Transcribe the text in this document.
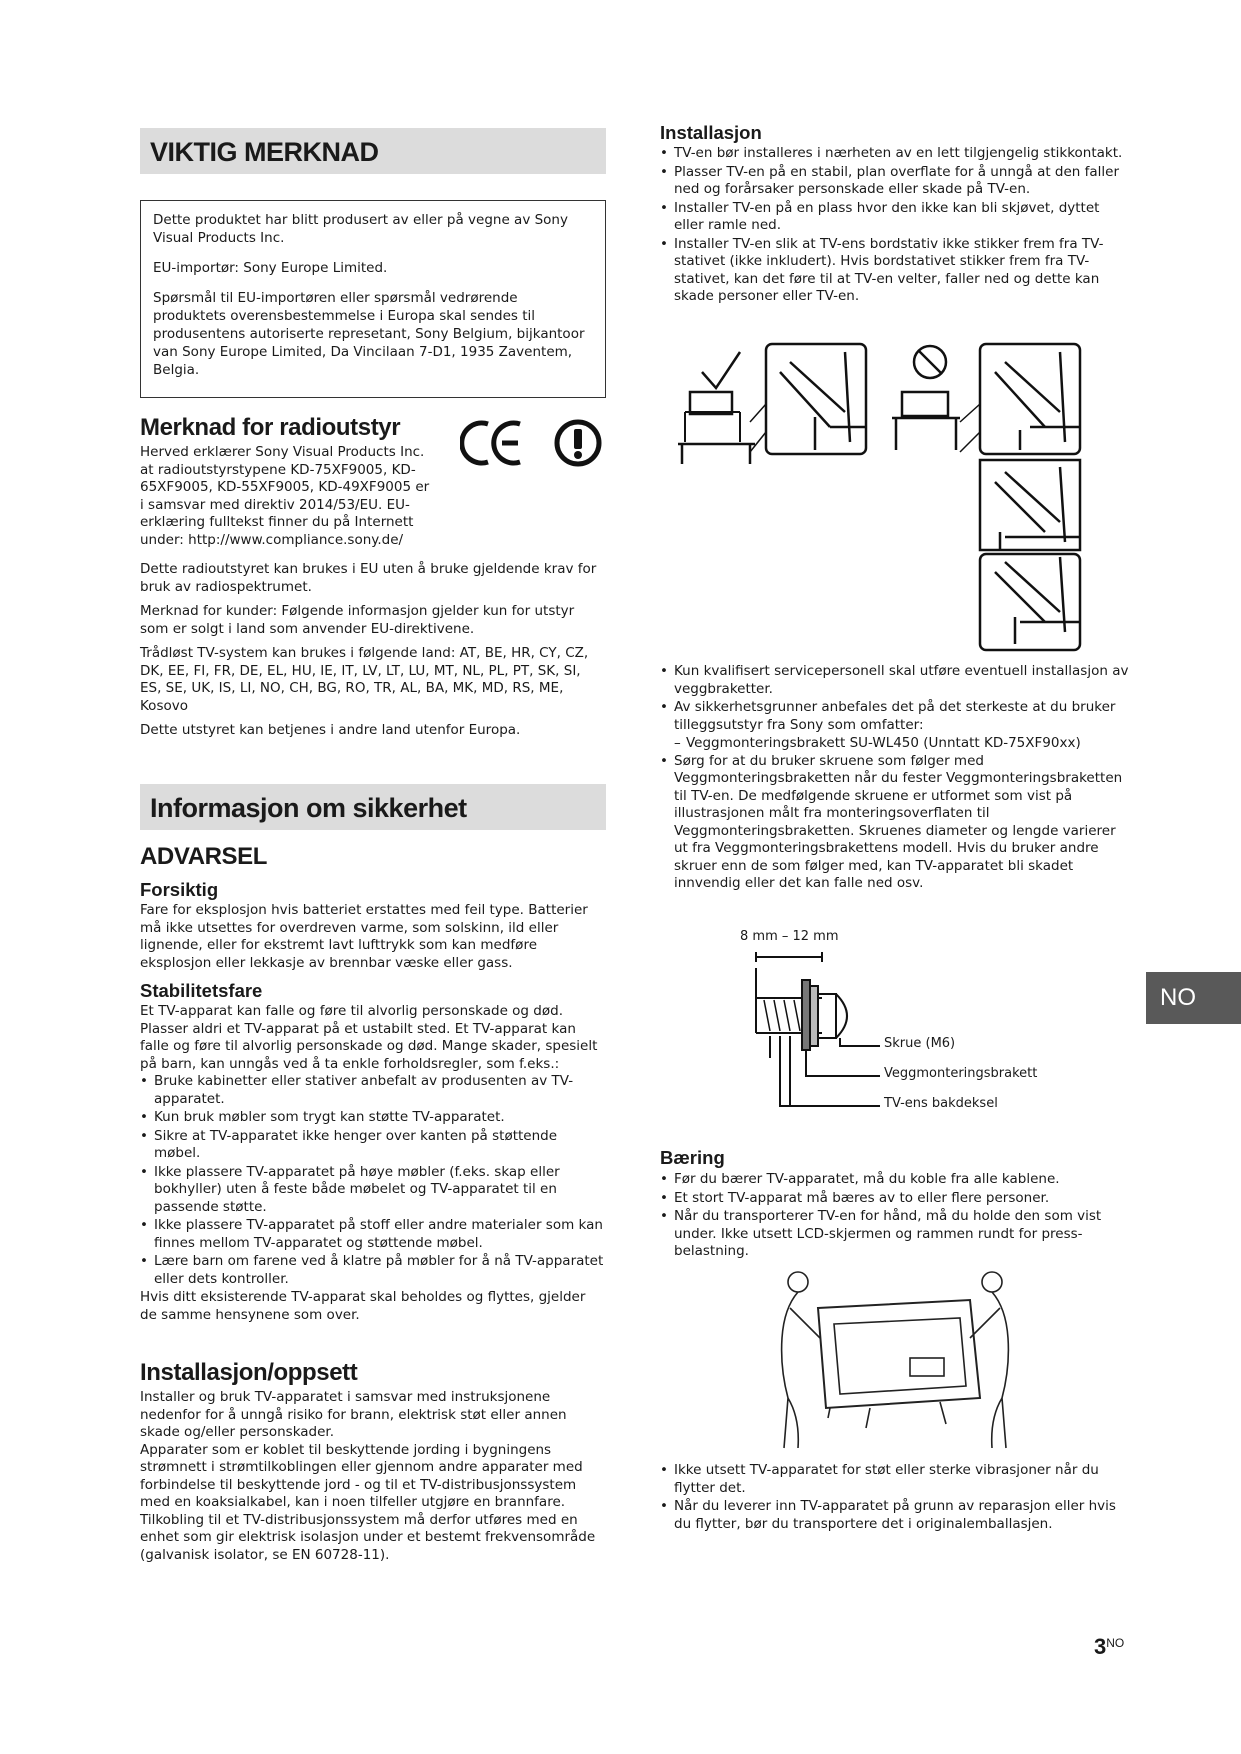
VIKTIG MERKNAD

Dette produktet har blitt produsert av eller på vegne av Sony Visual Products Inc.

EU-importør: Sony Europe Limited.

Spørsmål til EU-importøren eller spørsmål vedrørende produktets overensbestemmelse i Europa skal sendes til produsentens autoriserte represetant, Sony Belgium, bijkantoor van Sony Europe Limited, Da Vincilaan 7-D1, 1935 Zaventem, Belgia.

Merknad for radioutstyr

Herved erklærer Sony Visual Products Inc. at radioutstyrstypene KD-75XF9005, KD-65XF9005, KD-55XF9005, KD-49XF9005 er i samsvar med direktiv 2014/53/EU. EU-erklæring fulltekst finner du på Internett under: http://www.compliance.sony.de/

Dette radioutstyret kan brukes i EU uten å bruke gjeldende krav for bruk av radiospektrumet.

Merknad for kunder: Følgende informasjon gjelder kun for utstyr som er solgt i land som anvender EU-direktivene.

Trådløst TV-system kan brukes i følgende land: AT, BE, HR, CY, CZ, DK, EE, FI, FR, DE, EL, HU, IE, IT, LV, LT, LU, MT, NL, PL, PT, SK, SI, ES, SE, UK, IS, LI, NO, CH, BG, RO, TR, AL, BA, MK, MD, RS, ME, Kosovo

Dette utstyret kan betjenes i andre land utenfor Europa.

Informasjon om sikkerhet
ADVARSEL
Forsiktig
Fare for eksplosjon hvis batteriet erstattes med feil type. Batterier må ikke utsettes for overdreven varme, som solskinn, ild eller lignende, eller for ekstremt lavt lufttrykk som kan medføre eksplosjon eller lekkasje av brennbar væske eller gass.
Stabilitetsfare

Et TV-apparat kan falle og føre til alvorlig personskade og død. Plasser aldri et TV-apparat på et ustabilt sted. Et TV-apparat kan falle og føre til alvorlig personskade og død. Mange skader, spesielt på barn, kan unngås ved å ta enkle forholdsregler, som f.eks.:

• Bruke kabinetter eller stativer anbefalt av produsenten av TV-apparatet.
• Kun bruk møbler som trygt kan støtte TV-apparatet.
• Sikre at TV-apparatet ikke henger over kanten på støttende møbel.
• Ikke plassere TV-apparatet på høye møbler (f.eks. skap eller bokhyller) uten å feste både møbelet og TV-apparatet til en passende støtte.
• Ikke plassere TV-apparatet på stoff eller andre materialer som kan finnes mellom TV-apparatet og støttende møbel.
• Lære barn om farene ved å klatre på møbler for å nå TV-apparatet eller dets kontroller.

Hvis ditt eksisterende TV-apparat skal beholdes og flyttes, gjelder de samme hensynene som over.

Installasjon/oppsett

Installer og bruk TV-apparatet i samsvar med instruksjonene nedenfor for å unngå risiko for brann, elektrisk støt eller annen skade og/eller personskader.

Apparater som er koblet til beskyttende jording i bygningens strømnett i strømtilkoblingen eller gjennom andre apparater med forbindelse til beskyttende jord - og til et TV-distribusjonssystem med en koaksialkabel, kan i noen tilfeller utgjøre en brannfare. Tilkobling til et TV-distribusjonssystem må derfor utføres med en enhet som gir elektrisk isolasjon under et bestemt frekvensområde (galvanisk isolator, se EN 60728-11).

Installasjon
• TV-en bør installeres i nærheten av en lett tilgjengelig stikkontakt.
• Plasser TV-en på en stabil, plan overflate for å unngå at den faller ned og forårsaker personskade eller skade på TV-en.
• Installer TV-en på en plass hvor den ikke kan bli skjøvet, dyttet eller ramle ned.
• Installer TV-en slik at TV-ens bordstativ ikke stikker frem fra TV-stativet (ikke inkludert). Hvis bordstativet stikker frem fra TV-stativet, kan det føre til at TV-en velter, faller ned og dette kan skade personer eller TV-en.
• Kun kvalifisert servicepersonell skal utføre eventuell installasjon av veggbraketter.
• Av sikkerhetsgrunner anbefales det på det sterkeste at du bruker tilleggsutstyr fra Sony som omfatter:
– Veggmonteringsbrakett SU-WL450 (Unntatt KD-75XF90xx)
• Sørg for at du bruker skruene som følger med Veggmonteringsbraketten når du fester Veggmonteringsbraketten til TV-en. De medfølgende skruene er utformet som vist på illustrasjonen målt fra monteringsoverflaten til Veggmonteringsbraketten. Skruenes diameter og lengde varierer ut fra Veggmonteringsbrakettens modell. Hvis du bruker andre skruer enn de som følger med, kan TV-apparatet bli skadet innvendig eller det kan falle ned osv.
8 mm – 12 mm
Skrue (M6)
Veggmonteringsbrakett
TV-ens bakdeksel
Bæring
• Før du bærer TV-apparatet, må du koble fra alle kablene.
• Et stort TV-apparat må bæres av to eller flere personer.
• Når du transporterer TV-en for hånd, må du holde den som vist under. Ikke utsett LCD-skjermen og rammen rundt for press-belastning.
• Ikke utsett TV-apparatet for støt eller sterke vibrasjoner når du flytter det.
• Når du leverer inn TV-apparatet på grunn av reparasjon eller hvis du flytter, bør du transportere det i originalemballasjen.
NO
$3^{NO}$
